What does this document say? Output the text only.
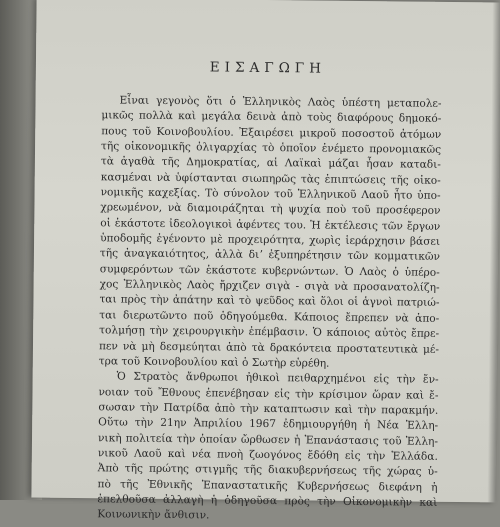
ΕΙΣΑΓΩΓΗ
Εἶναι γεγονὸς ὅτι ὁ Ἑλληνικὸς Λαὸς ὑπέστη μεταπολε-
μικῶς πολλὰ καὶ μεγάλα δεινὰ ἀπὸ τοὺς διαφόρους δημοκό-
πους τοῦ Κοινοβουλίου. Ἐξαιρέσει μικροῦ ποσοστοῦ ἀτόμων
τῆς οἰκονομικῆς ὀλιγαρχίας τὸ ὁποῖον ἐνέμετο προνομιακῶς
τὰ ἀγαθὰ τῆς Δημοκρατίας, αἱ Λαϊκαὶ μάζαι ἦσαν καταδι-
κασμέναι νὰ ὑφίστανται σιωπηρῶς τὰς ἐπιπτώσεις τῆς οἰκο-
νομικῆς καχεξίας. Τὸ σύνολον τοῦ Ἑλληνικοῦ Λαοῦ ἦτο ὑπο-
χρεωμένον, νὰ διαμοιράζηται τὴ ψυχία ποὺ τοῦ προσέφερον
οἱ ἑκάστοτε ἰδεολογικοὶ ἀφέντες του. Ἡ ἐκτέλεσις τῶν ἔργων
ὑποδομῆς ἐγένοντο μὲ προχειρότητα, χωρὶς ἱεράρχησιν βάσει
τῆς ἀναγκαιότητος, ἀλλὰ διʼ ἐξυπηρέτησιν τῶν κομματικῶν
συμφερόντων τῶν ἑκάστοτε κυβερνώντων. Ὁ Λαὸς ὁ ὑπέρο-
χος Ἑλληνικὸς Λαὸς ἤρχιζεν σιγὰ - σιγὰ νὰ προσανατολίζη-
ται πρὸς τὴν ἀπάτην καὶ τὸ ψεῦδος καὶ ὅλοι οἱ ἁγνοὶ πατριώ-
ται διερωτῶντο ποῦ ὁδηγούμεθα. Κάποιος ἔπρεπεν νὰ ἀπο-
τολμήσῃ τὴν χειρουργικὴν ἐπέμβασιν. Ὁ κάποιος αὐτὸς ἔπρε-
πεν νὰ μὴ δεσμεύηται ἀπὸ τὰ δρακόντεια προστατευτικὰ μέ-
τρα τοῦ Κοινοβουλίου καὶ ὁ Σωτὴρ εὑρέθη.
Ὁ Στρατὸς ἄνθρωποι ἠθικοὶ πειθαρχημένοι εἰς τὴν ἔν-
νοιαν τοῦ Ἔθνους ἐπενέβησαν εἰς τὴν κρίσιμον ὥραν καὶ ἔ-
σωσαν τὴν Πατρίδα ἀπὸ τὴν καταπτωσιν καὶ τὴν παρακμήν.
Οὕτω τὴν 21ην Ἀπριλίου 1967 ἐδημιουργήθη ἡ Νέα Ἑλλη-
νικὴ πολιτεία τὴν ὁποίαν ὤρθωσεν ἡ Ἐπανάστασις τοῦ Ἑλλη-
νικοῦ Λαοῦ καὶ νέα πνοὴ ζωογόνος ἔδόθη εἰς τὴν Ἑλλάδα.
Ἀπὸ τῆς πρώτης στιγμῆς τῆς διακυβερνήσεως τῆς χώρας ὑ-
πὸ τῆς Ἐθνικῆς Ἐπαναστατικῆς Κυβερνήσεως διεφάνη ἡ
ἐπελθοῦσα ἀλλαγὴ ἡ ὁδηγοῦσα πρὸς τὴν Οἰκονομικὴν καὶ
Κοινωνικὴν ἄνθισιν.
